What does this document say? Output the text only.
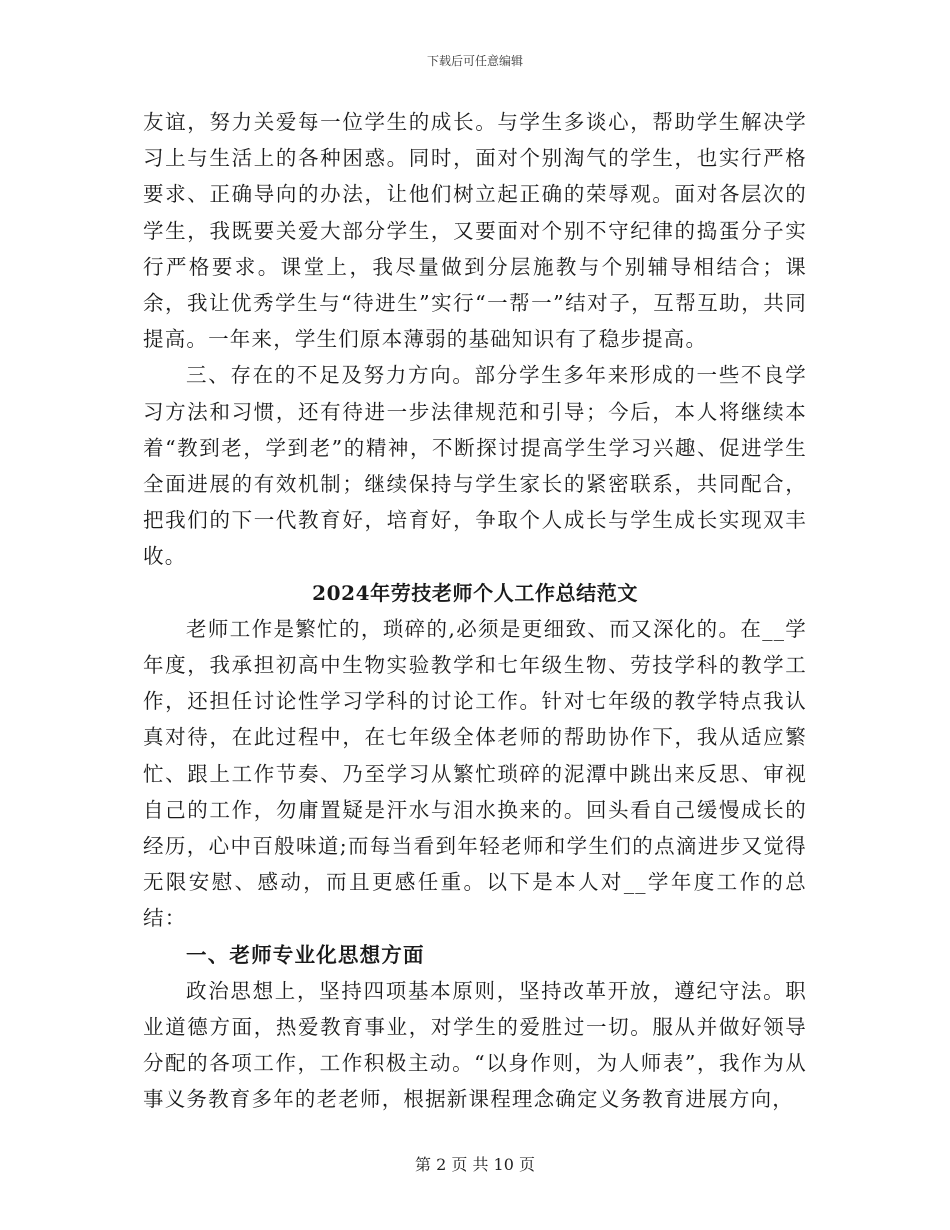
下载后可任意编辑

友谊，努力关爱每一位学生的成长。与学生多谈心，帮助学生解决学习上与生活上的各种困惑。同时，面对个别淘气的学生，也实行严格要求、正确导向的办法，让他们树立起正确的荣辱观。面对各层次的学生，我既要关爱大部分学生，又要面对个别不守纪律的捣蛋分子实行严格要求。课堂上，我尽量做到分层施教与个别辅导相结合；课余，我让优秀学生与“待进生”实行“一帮一”结对子，互帮互助，共同提高。一年来，学生们原本薄弱的基础知识有了稳步提高。

三、存在的不足及努力方向。部分学生多年来形成的一些不良学习方法和习惯，还有待进一步法律规范和引导；今后，本人将继续本着“教到老，学到老”的精神，不断探讨提高学生学习兴趣、促进学生全面进展的有效机制；继续保持与学生家长的紧密联系，共同配合，把我们的下一代教育好，培育好，争取个人成长与学生成长实现双丰收。

2024年劳技老师个人工作总结范文

老师工作是繁忙的，琐碎的,必须是更细致、而又深化的。在__学年度，我承担初高中生物实验教学和七年级生物、劳技学科的教学工作，还担任讨论性学习学科的讨论工作。针对七年级的教学特点我认真对待，在此过程中，在七年级全体老师的帮助协作下，我从适应繁忙、跟上工作节奏、乃至学习从繁忙琐碎的泥潭中跳出来反思、审视自己的工作，勿庸置疑是汗水与泪水换来的。回头看自己缓慢成长的经历，心中百般味道;而每当看到年轻老师和学生们的点滴进步又觉得无限安慰、感动，而且更感任重。以下是本人对__学年度工作的总结：

一、老师专业化思想方面

政治思想上，坚持四项基本原则，坚持改革开放，遵纪守法。职业道德方面，热爱教育事业，对学生的爱胜过一切。服从并做好领导分配的各项工作，工作积极主动。“以身作则，为人师表”，我作为从事义务教育多年的老老师，根据新课程理念确定义务教育进展方向，

第 2 页 共 10 页
